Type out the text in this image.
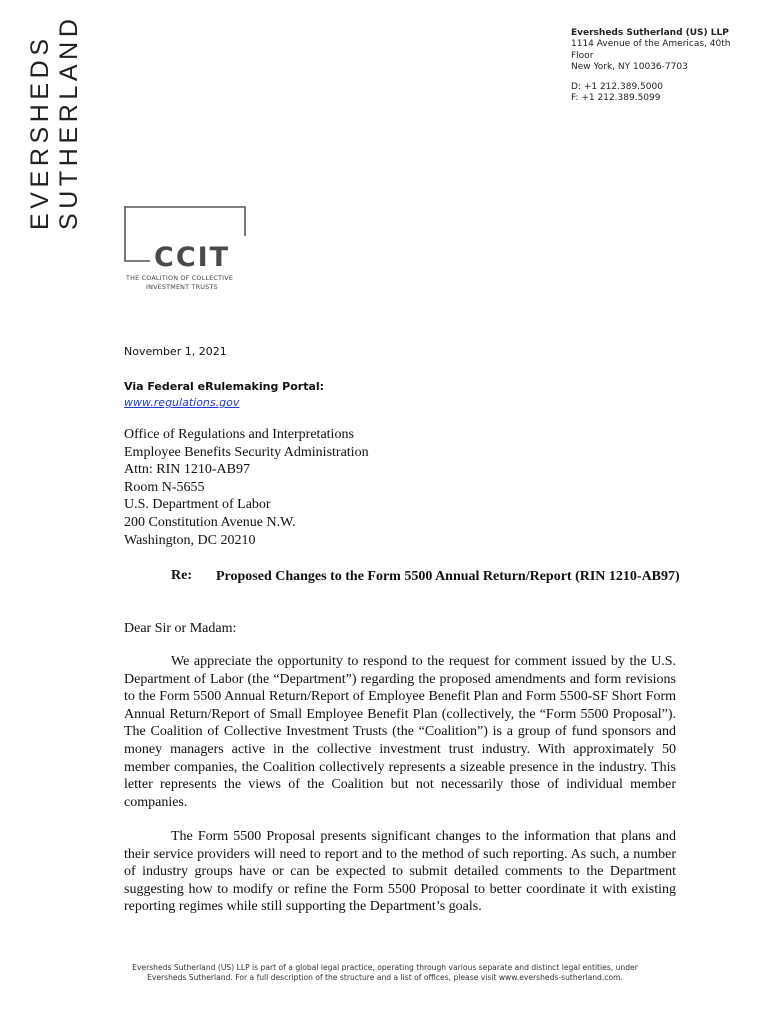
EVERSHEDS SUTHERLAND	Eversheds Sutherland (US) LLP
1114 Avenue of the Americas, 40th
Floor
New York, NY 10036-7703
D: +1 212.389.5000
F: +1 212.389.5099
CCIT
THE COALITION OF COLLECTIVE
INVESTMENT TRUSTS
November 1, 2021
Via Federal eRulemaking Portal:
www.regulations.gov
Office of Regulations and Interpretations
Employee Benefits Security Administration
Attn: RIN 1210-AB97
Room N-5655
U.S. Department of Labor
200 Constitution Avenue N.W.
Washington, DC 20210
Re: Proposed Changes to the Form 5500 Annual Return/Report (RIN 1210-AB97)
Dear Sir or Madam:

We appreciate the opportunity to respond to the request for comment issued by the U.S. Department of Labor (the “Department”) regarding the proposed amendments and form revisions to the Form 5500 Annual Return/Report of Employee Benefit Plan and Form 5500-SF Short Form Annual Return/Report of Small Employee Benefit Plan (collectively, the “Form 5500 Proposal”). The Coalition of Collective Investment Trusts (the “Coalition”) is a group of fund sponsors and money managers active in the collective investment trust industry. With approximately 50 member companies, the Coalition collectively represents a sizeable presence in the industry. This letter represents the views of the Coalition but not necessarily those of individual member companies.

The Form 5500 Proposal presents significant changes to the information that plans and their service providers will need to report and to the method of such reporting. As such, a number of industry groups have or can be expected to submit detailed comments to the Department suggesting how to modify or refine the Form 5500 Proposal to better coordinate it with existing reporting regimes while still supporting the Department’s goals.

Eversheds Sutherland (US) LLP is part of a global legal practice, operating through various separate and distinct legal entities, under
Eversheds Sutherland. For a full description of the structure and a list of offices, please visit www.eversheds-sutherland.com.
